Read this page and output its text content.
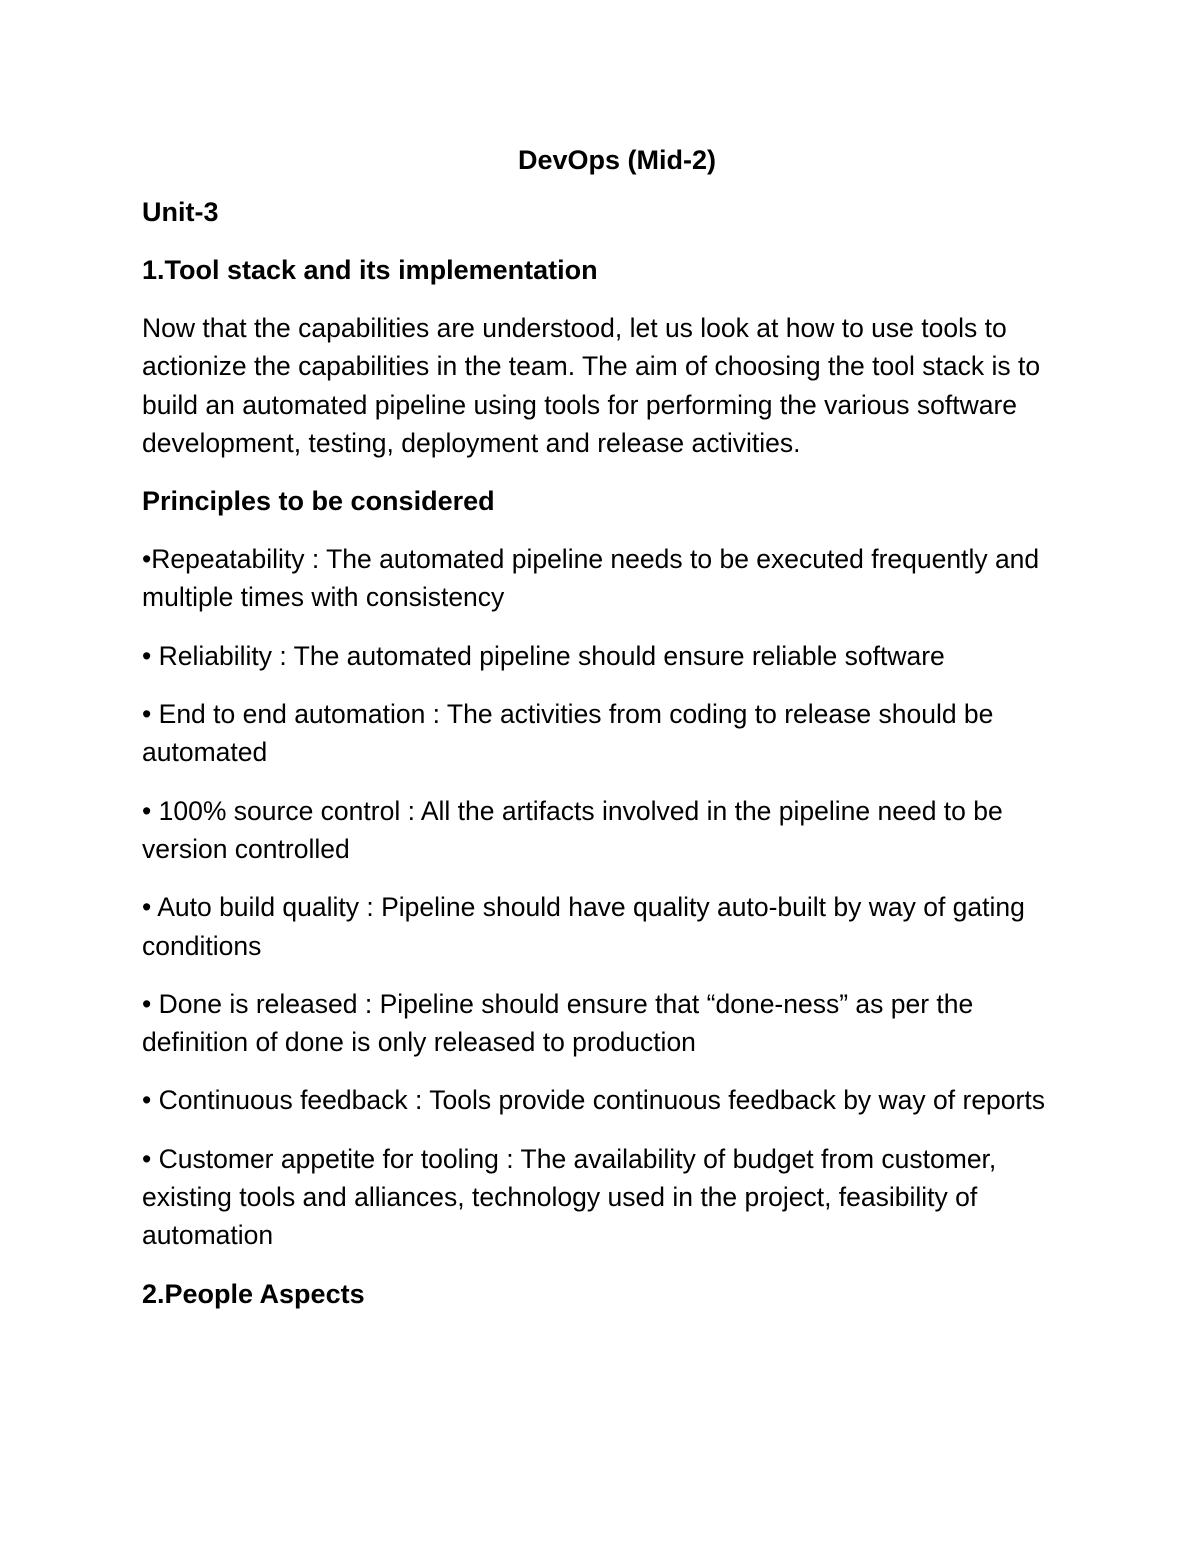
DevOps (Mid-2)
Unit-3
1.Tool stack and its implementation
Now that the capabilities are understood, let us look at how to use tools to actionize the capabilities in the team. The aim of choosing the tool stack is to build an automated pipeline using tools for performing the various software development, testing, deployment and release activities.
Principles to be considered
•Repeatability : The automated pipeline needs to be executed frequently and multiple times with consistency
• Reliability : The automated pipeline should ensure reliable software
• End to end automation : The activities from coding to release should be automated
• 100% source control : All the artifacts involved in the pipeline need to be version controlled
• Auto build quality : Pipeline should have quality auto-built by way of gating conditions
• Done is released : Pipeline should ensure that “done-ness” as per the definition of done is only released to production
• Continuous feedback : Tools provide continuous feedback by way of reports
• Customer appetite for tooling : The availability of budget from customer, existing tools and alliances, technology used in the project, feasibility of automation
2.People Aspects
